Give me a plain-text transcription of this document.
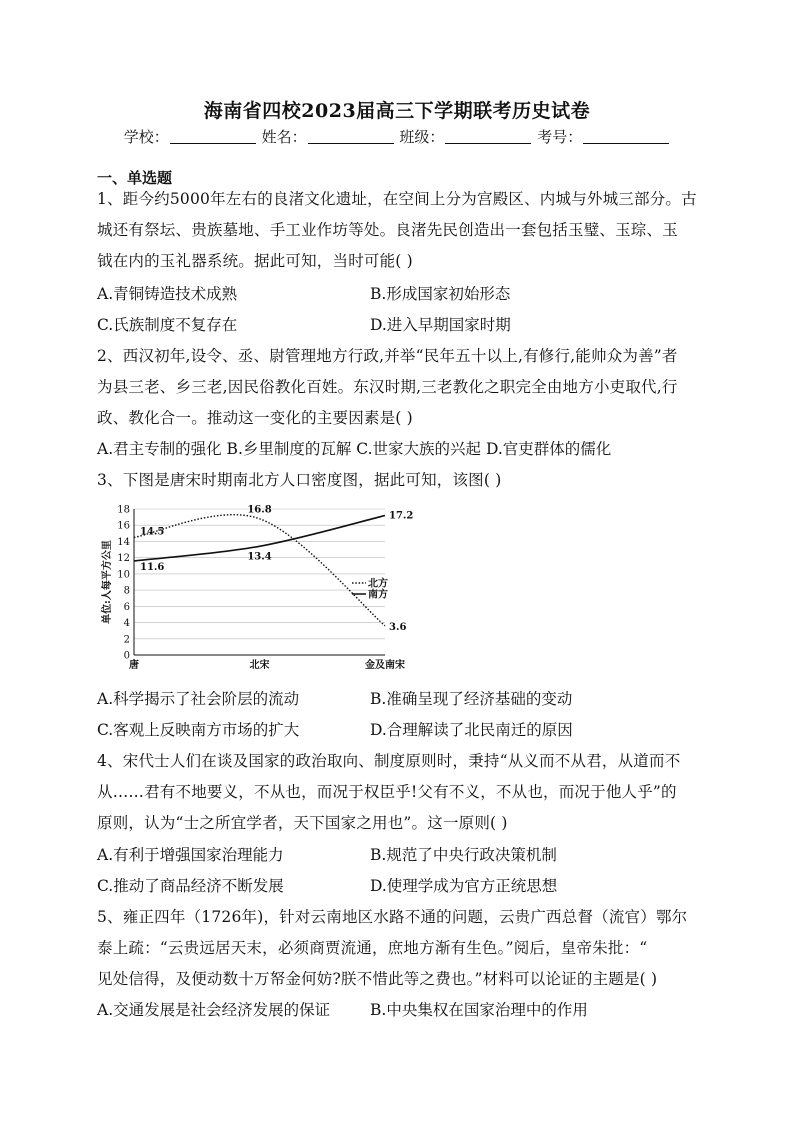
海南省四校2023届高三下学期联考历史试卷
学校：	姓名：	班级：	考号：
一、单选题
1、距今约5000年左右的良渚文化遗址，在空间上分为宫殿区、内城与外城三部分。古
城还有祭坛、贵族墓地、手工业作坊等处。良渚先民创造出一套包括玉璧、玉琮、玉
钺在内的玉礼器系统。据此可知，当时可能( )
A.青铜铸造技术成熟	B.形成国家初始形态
C.氏族制度不复存在	D.进入早期国家时期
2、西汉初年,设令、丞、尉管理地方行政,并举“民年五十以上,有修行,能帅众为善”者
为县三老、乡三老,因民俗教化百姓。东汉时期,三老教化之职完全由地方小吏取代,行
政、教化合一。推动这一变化的主要因素是( )
A.君主专制的强化 B.乡里制度的瓦解 C.世家大族的兴起 D.官吏群体的儒化
3、下图是唐宋时期南北方人口密度图，据此可知，该图( )
0
2
4
6
8
10
12
14
16
18
唐	北宋	金及南宋
单位:人每平方公里
14.5
16.8
3.6
11.6
13.4
17.2
北方
南方
A.科学揭示了社会阶层的流动	B.准确呈现了经济基础的变动
C.客观上反映南方市场的扩大	D.合理解读了北民南迁的原因
4、宋代士人们在谈及国家的政治取向、制度原则时，秉持“从义而不从君，从道而不
从……君有不地要义，不从也，而况于权臣乎!父有不义，不从也，而况于他人乎”的
原则，认为“士之所宜学者，天下国家之用也”。这一原则( )
A.有利于增强国家治理能力	B.规范了中央行政决策机制
C.推动了商品经济不断发展	D.使理学成为官方正统思想
5、雍正四年（1726年)，针对云南地区水路不通的问题，云贵广西总督（流官）鄂尔
泰上疏：“云贵远居天末，必须商贾流通，庶地方渐有生色。”阅后，皇帝朱批：“
见处信得，及便动数十万帑金何妨?朕不惜此等之费也。”材料可以论证的主题是( )
A.交通发展是社会经济发展的保证	B.中央集权在国家治理中的作用
